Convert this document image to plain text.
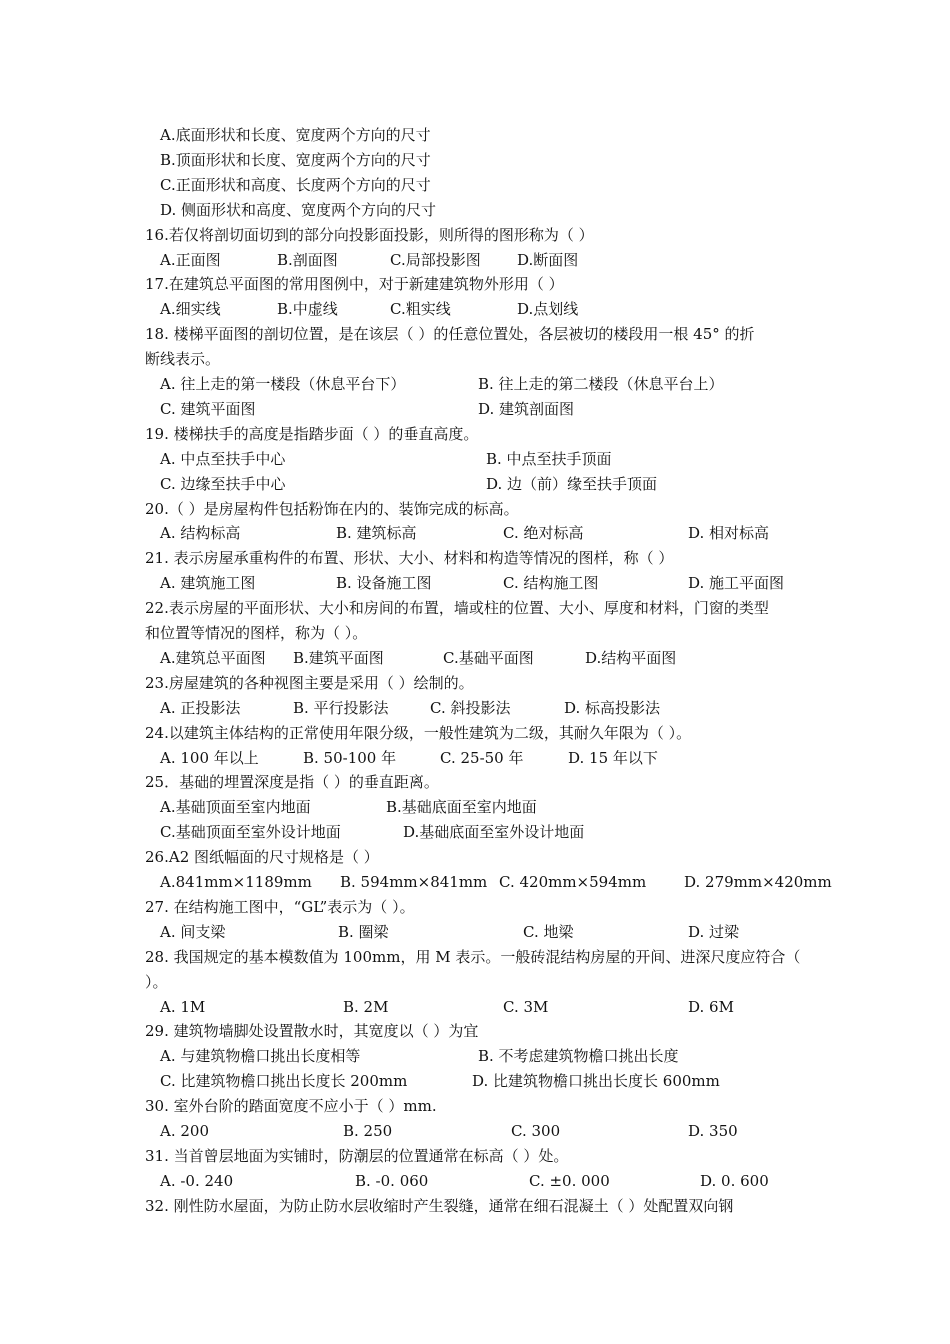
A.底面形状和长度、宽度两个方向的尺寸
B.顶面形状和长度、宽度两个方向的尺寸
C.正面形状和高度、长度两个方向的尺寸
D. 侧面形状和高度、宽度两个方向的尺寸
16.若仅将剖切面切到的部分向投影面投影，则所得的图形称为（ ）
A.正面图	B.剖面图	C.局部投影图 D.断面图
17.在建筑总平面图的常用图例中，对于新建建筑物外形用（ ）
A.细实线	B.中虚线	C.粗实线	D.点划线
18. 楼梯平面图的剖切位置，是在该层（ ）的任意位置处，各层被切的楼段用一根 45° 的折
断线表示。
A. 往上走的第一楼段（休息平台下）	B. 往上走的第二楼段（休息平台上）
C. 建筑平面图	D. 建筑剖面图
19. 楼梯扶手的高度是指踏步面（ ）的垂直高度。
A. 中点至扶手中心	B. 中点至扶手顶面
C. 边缘至扶手中心	D. 边（前）缘至扶手顶面
20.（ ）是房屋构件包括粉饰在内的、装饰完成的标高。
A. 结构标高	B. 建筑标高	C. 绝对标高	D. 相对标高
21. 表示房屋承重构件的布置、形状、大小、材料和构造等情况的图样，称（ ）
A. 建筑施工图	B. 设备施工图	C. 结构施工图	D. 施工平面图
22.表示房屋的平面形状、大小和房间的布置，墙或柱的位置、大小、厚度和材料，门窗的类型
和位置等情况的图样，称为（ ）。
A.建筑总平面图 B.建筑平面图	C.基础平面图	D.结构平面图
23.房屋建筑的各种视图主要是采用（ ）绘制的。
A. 正投影法	B. 平行投影法	C. 斜投影法	D. 标高投影法
24.以建筑主体结构的正常使用年限分级，一般性建筑为二级，其耐久年限为（ ）。
A. 100 年以上	B. 50-100 年	C. 25-50 年	D. 15 年以下
25．基础的埋置深度是指（ ）的垂直距离。
A.基础顶面至室内地面	B.基础底面至室内地面
C.基础顶面至室外设计地面	D.基础底面至室外设计地面
26.A2 图纸幅面的尺寸规格是（ ）
A.841mm×1189mm B. 594mm×841mm C. 420mm×594mm	D. 279mm×420mm
27. 在结构施工图中，“GL”表示为（ ）。
A. 间支梁	B. 圈梁	C. 地梁	D. 过梁
28. 我国规定的基本模数值为 100mm，用 M 表示。一般砖混结构房屋的开间、进深尺度应符合（
）。
A. 1M	B. 2M	C. 3M	D. 6M
29. 建筑物墙脚处设置散水时，其宽度以（ ）为宜
A. 与建筑物檐口挑出长度相等	B. 不考虑建筑物檐口挑出长度
C. 比建筑物檐口挑出长度长 200mm	D. 比建筑物檐口挑出长度长 600mm
30. 室外台阶的踏面宽度不应小于（ ）mm.
A. 200	B. 250	C. 300	D. 350
31. 当首曾层地面为实铺时，防潮层的位置通常在标高（ ）处。
A. -0. 240	B. -0. 060	C. ±0. 000	D. 0. 600
32. 刚性防水屋面，为防止防水层收缩时产生裂缝，通常在细石混凝土（ ）处配置双向钢
